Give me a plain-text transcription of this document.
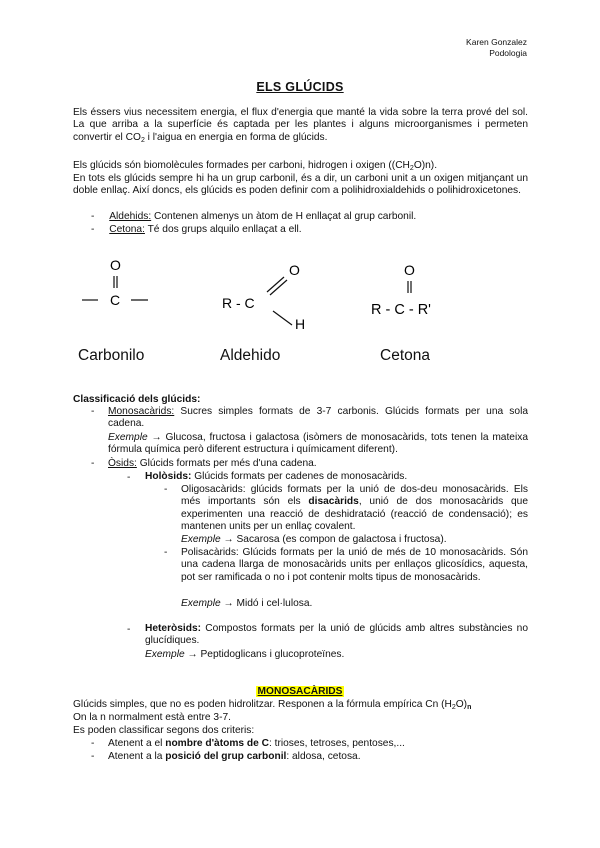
Karen Gonzalez
Podologia
ELS GLÚCIDS
Els éssers vius necessitem energia, el flux d'energia que manté la vida sobre la terra prové del sol. La que arriba a la superfície és captada per les plantes i alguns microorganismes i permeten convertir el $CO_2$ i l'aigua en energia en forma de glúcids.
Els glúcids són biomolècules formades per carboni, hidrogen i oxigen $((CH_2O)n)$.
En tots els glúcids sempre hi ha un grup carbonil, és a dir, un carboni unit a un oxigen mitjançant un doble enllaç. Així doncs, els glúcids es poden definir com a polihidroxialdehids o polihidroxicetones.
- Aldehids: Contenen almenys un àtom de H enllaçat al grup carbonil.
- Cetona: Té dos grups alquilo enllaçat a ell.
O
C	R - C
O
H
O
R - C - R'
Carbonilo	Aldehido	Cetona
Classificació dels glúcids:
- Monosacàrids: Sucres simples formats de 3-7 carbonis. Glúcids formats per una sola cadena.
Exemple → Glucosa, fructosa i galactosa (isòmers de monosacàrids, tots tenen la mateixa fórmula química però diferent estructura i químicament diferent).
- Òsids: Glúcids formats per més d'una cadena.
- Holòsids: Glúcids formats per cadenes de monosacàrids.
- Oligosacàrids: glúcids formats per la unió de dos-deu monosacàrids. Els més importants són els disacàrids, unió de dos monosacàrids que experimenten una reacció de deshidratació (reacció de condensació); es mantenen units per un enllaç covalent.
Exemple → Sacarosa (es compon de galactosa i fructosa).
- Polisacàrids: Glúcids formats per la unió de més de 10 monosacàrids. Són una cadena llarga de monosacàrids units per enllaços glicosídics, aquesta, pot ser ramificada o no i pot contenir molts tipus de monosacàrids.
Exemple → Midó i cel·lulosa.
- Heteròsids: Compostos formats per la unió de glúcids amb altres substàncies no glucídiques.
Exemple → Peptidoglicans i glucoproteïnes.
MONOSACÀRIDS
Glúcids simples, que no es poden hidrolitzar. Responen a la fórmula empírica Cn $(H_2O)_n$
On la n normalment està entre 3-7.
Es poden classificar segons dos criteris:
- Atenent a el nombre d'àtoms de C: trioses, tetroses, pentoses,...
- Atenent a la posició del grup carbonil: aldosa, cetosa.
